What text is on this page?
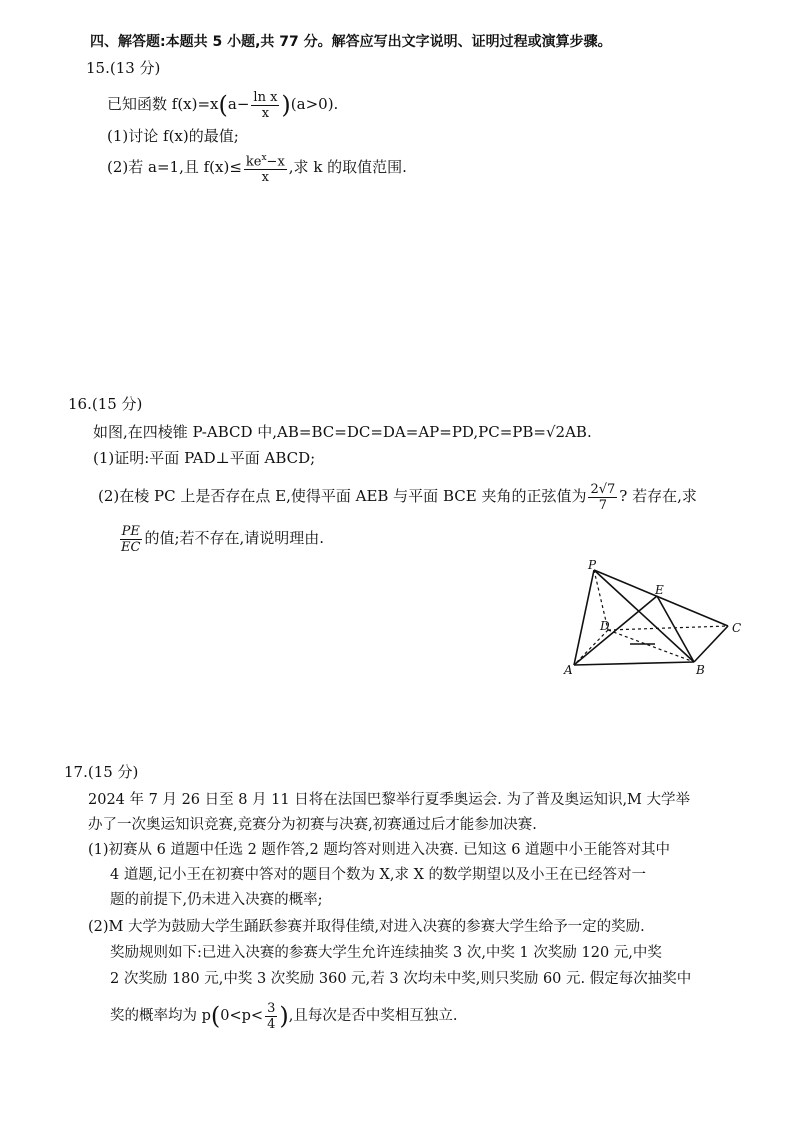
四、解答题:本题共 5 小题,共 77 分。解答应写出文字说明、证明过程或演算步骤。
15.(13 分)
已知函数 $f(x)=x(a- \frac{\text{ln x}}{x} )(a>0)$.
(1)讨论 f(x)的最值;
(2)若 a=1,且 $f(x)\le \frac{ke^x-x}{x}$ ,求 k 的取值范围.
16.(15 分)
如图,在四棱锥 P-ABCD 中,AB=BC=DC=DA=AP=PD,PC=PB=√2AB.
(1)证明:平面 PAD⊥平面 ABCD;
(2)在棱 PC 上是否存在点 E,使得平面 AEB 与平面 BCE 夹角的正弦值为 $\frac{2√7}{7}$ ? 若存在,求
$\frac{PE}{EC}$ 的值;若不存在,请说明理由.
P
E
D	C
A	B
17.(15 分)
2024 年 7 月 26 日至 8 月 11 日将在法国巴黎举行夏季奥运会. 为了普及奥运知识,M 大学举
办了一次奥运知识竞赛,竞赛分为初赛与决赛,初赛通过后才能参加决赛.
(1)初赛从 6 道题中任选 2 题作答,2 题均答对则进入决赛. 已知这 6 道题中小王能答对其中
4 道题,记小王在初赛中答对的题目个数为 X,求 X 的数学期望以及小王在已经答对一
题的前提下,仍未进入决赛的概率;
(2)M 大学为鼓励大学生踊跃参赛并取得佳绩,对进入决赛的参赛大学生给予一定的奖励.
奖励规则如下:已进入决赛的参赛大学生允许连续抽奖 3 次,中奖 1 次奖励 120 元,中奖
2 次奖励 180 元,中奖 3 次奖励 360 元,若 3 次均未中奖,则只奖励 60 元. 假定每次抽奖中
奖的概率均为 $p(0<p< \frac{3}{4}$ ),且每次是否中奖相互独立.
